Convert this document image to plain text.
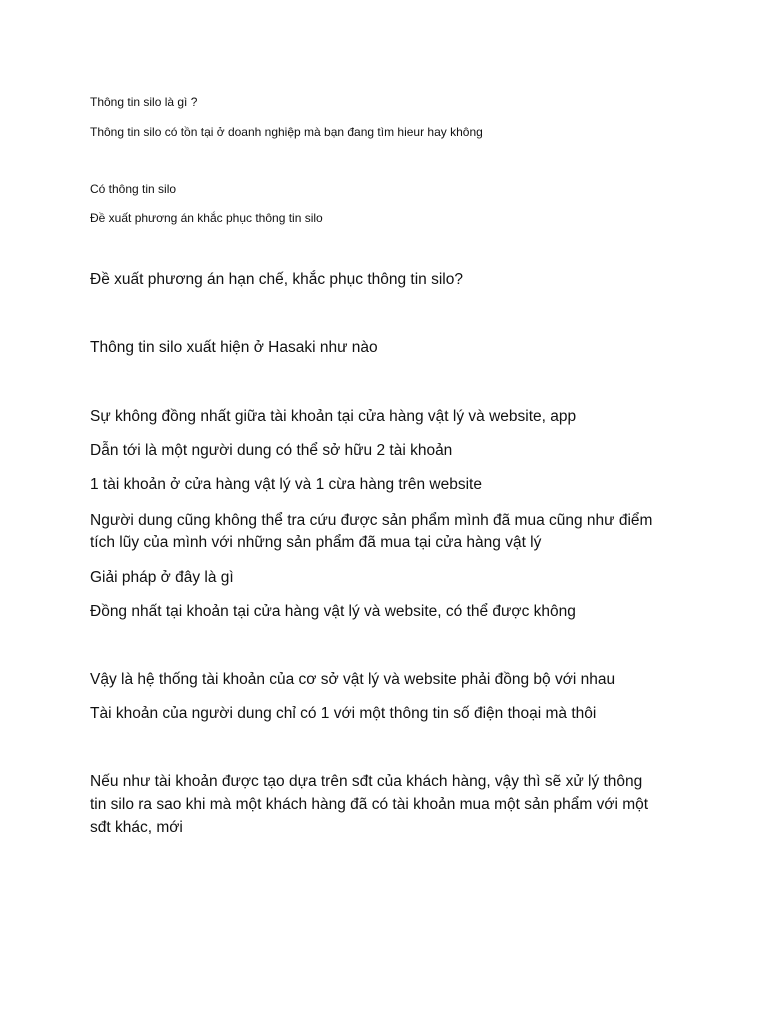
Thông tin silo là gì ?

Thông tin silo có tồn tại ở doanh nghiệp mà bạn đang tìm hieur hay không

Có thông tin silo

Đề xuất phương án khắc phục thông tin silo

Đề xuất phương án hạn chế, khắc phục thông tin silo?

Thông tin silo xuất hiện ở Hasaki như nào

Sự không đồng nhất giữa tài khoản tại cửa hàng vật lý và website, app

Dẫn tới là một người dung có thể sở hữu 2 tài khoản

1 tài khoản ở cửa hàng vật lý và 1 cừa hàng trên website

Người dung cũng không thể tra cứu được sản phẩm mình đã mua cũng như điểm

tích lũy của mình với những sản phẩm đã mua tại cửa hàng vật lý

Giải pháp ở đây là gì

Đồng nhất tại khoản tại cửa hàng vật lý và website, có thể được không

Vậy là hệ thống tài khoản của cơ sở vật lý và website phải đồng bộ với nhau

Tài khoản của người dung chỉ có 1 với một thông tin số điện thoại mà thôi

Nếu như tài khoản được tạo dựa trên sđt của khách hàng, vậy thì sẽ xử lý thông

tin silo ra sao khi mà một khách hàng đã có tài khoản mua một sản phẩm với một

sđt khác, mới
